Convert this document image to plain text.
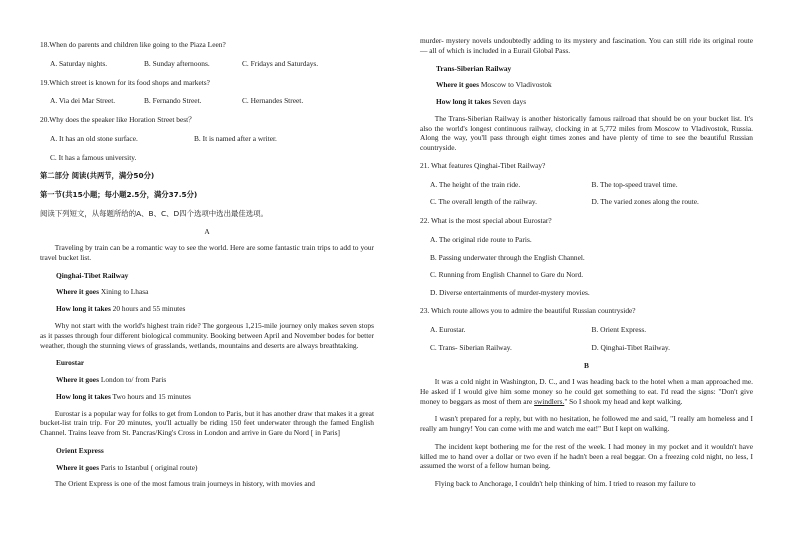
18.When do parents and children like going to the Piaza Leen?
A. Saturday nights.	B. Sunday afternoons.	C. Fridays and Saturdays.
19.Which street is known for its food shops and markets?
A. Via dei Mar Street.	B. Fernando Street.	C. Hernandes Street.
20.Why does the speaker like Horation Street best？
A. It has an old stone surface.	B. It is named after a writer.
C. It has a famous university.
第二部分 阅读(共两节，满分50分)
第一节(共15小题；每小题2.5分，满分37.5分)
阅读下列短文，从每题所给的A、B、C、D四个选项中选出最佳选项。
A
Traveling by train can be a romantic way to see the world. Here are some fantastic train trips to add to your travel bucket list.
Qinghai-Tibet Railway
Where it goes Xining to Lhasa
How long it takes 20 hours and 55 minutes
Why not start with the world's highest train ride? The gorgeous 1,215-mile journey only makes seven stops as it passes through four different biological community. Booking between April and November bodes for better weather, though the stunning views of grasslands, wetlands, mountains and deserts are always breathtaking.
Eurostar
Where it goes London to/ from Paris
How long it takes Two hours and 15 minutes
Eurostar is a popular way for folks to get from London to Paris, but it has another draw that makes it a great bucket-list train trip. For 20 minutes, you'll actually be riding 150 feet underwater through the famed English Channel. Trains leave from St. Pancras/King's Cross in London and arrive in Gare du Nord [ in Paris]
Orient Express
Where it goes Paris to Istanbul ( original route)
The Orient Express is one of the most famous train journeys in history, with movies and
murder- mystery novels undoubtedly adding to its mystery and fascination. You can still ride its original route — all of which is included in a Eurail Global Pass.
Trans-Siberian Railway
Where it goes Moscow to Vladivostok
How long it takes Seven days
The Trans-Siberian Railway is another historically famous railroad that should be on your bucket list. It's also the world's longest continuous railway, clocking in at 5,772 miles from Moscow to Vladivostok, Russia. Along the way, you'll pass through eight times zones and have plenty of time to see the beautiful Russian countryside.
21. What features Qinghai-Tibet Railway?
A. The height of the train ride.	B. The top-speed travel time.
C. The overall length of the railway.	D. The varied zones along the route.
22. What is the most special about Eurostar?
A. The original ride route to Paris.
B. Passing underwater through the English Channel.
C. Running from English Channel to Gare du Nord.
D. Diverse entertainments of murder-mystery movies.
23. Which route allows you to admire the beautiful Russian countryside?
A. Eurostar.	B. Orient Express.
C. Trans- Siberian Railway.	D. Qinghai-Tibet Railway.
B
It was a cold night in Washington, D. C., and I was heading back to the hotel when a man approached me. He asked if I would give him some money so he could get something to eat. I'd read the signs: "Don't give money to beggars as most of them are swindlers." So I shook my head and kept walking.
I wasn't prepared for a reply, but with no hesitation, he followed me and said, "I really am homeless and I really am hungry! You can come with me and watch me eat!" But I kept on walking.
The incident kept bothering me for the rest of the week. I had money in my pocket and it wouldn't have killed me to hand over a dollar or two even if he hadn't been a real beggar. On a freezing cold night, no less, I assumed the worst of a fellow human being.
Flying back to Anchorage, I couldn't help thinking of him. I tried to reason my failure to
